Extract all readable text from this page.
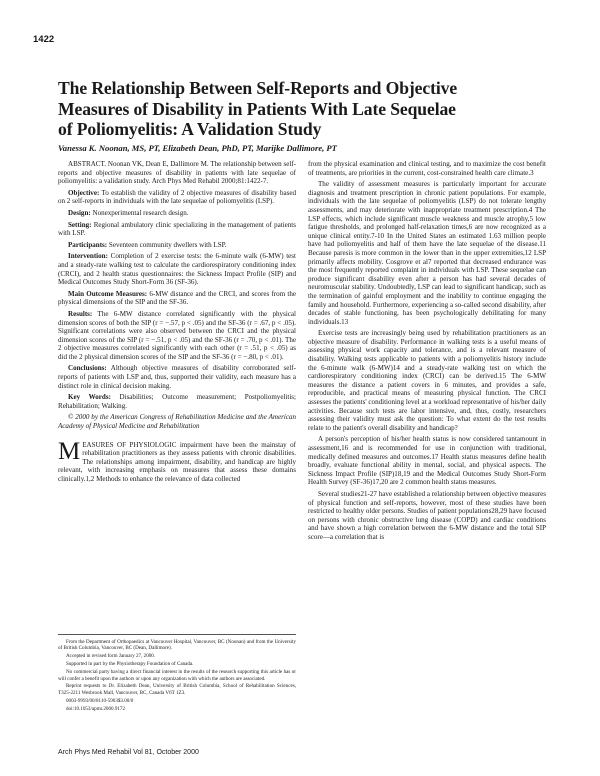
1422
The Relationship Between Self-Reports and Objective
Measures of Disability in Patients With Late Sequelae
of Poliomyelitis: A Validation Study
Vanessa K. Noonan, MS, PT, Elizabeth Dean, PhD, PT, Marijke Dallimore, PT

ABSTRACT. Noonan VK, Dean E, Dallimore M. The relationship between self-reports and objective measures of disability in patients with late sequelae of poliomyelitis: a validation study. Arch Phys Med Rehabil 2000;81:1422-7.

Objective: To establish the validity of 2 objective measures of disability based on 2 self-reports in individuals with the late sequelae of poliomyelitis (LSP).

Design: Nonexperimental research design.

Setting: Regional ambulatory clinic specializing in the management of patients with LSP.

Participants: Seventeen community dwellers with LSP.

Intervention: Completion of 2 exercise tests: the 6-minute walk (6-MW) test and a steady-rate walking test to calculate the cardiorespiratory conditioning index (CRCI), and 2 health status questionnaires: the Sickness Impact Profile (SIP) and Medical Outcomes Study Short-Form 36 (SF-36).

Main Outcome Measures: 6-MW distance and the CRCI, and scores from the physical dimensions of the SIP and the SF-36.

Results: The 6-MW distance correlated significantly with the physical dimension scores of both the SIP (r = −.57, p < .05) and the SF-36 (r = .67, p < .05). Significant correlations were also observed between the CRCI and the physical dimension scores of the SIP (r = −.51, p < .05) and the SF-36 (r = .70, p < .01). The 2 objective measures correlated significantly with each other (r = .51, p < .05) as did the 2 physical dimension scores of the SIP and the SF-36 (r = −.80, p < .01).

Conclusions: Although objective measures of disability corroborated self-reports of patients with LSP and, thus, supported their validity, each measure has a distinct role in clinical decision making.

Key Words: Disabilities; Outcome measurement; Postpoliomyelitis; Rehabilitation; Walking.

© 2000 by the American Congress of Rehabilitation Medicine and the American Academy of Physical Medicine and Rehabilitation

MEASURES OF PHYSIOLOGIC impairment have been the mainstay of rehabilitation practitioners as they assess patients with chronic disabilities. The relationships among impairment, disability, and handicap are highly relevant, with increasing emphasis on measures that assess these domains clinically.1,2 Methods to enhance the relevance of data collected

From the Department of Orthopaedics at Vancouver Hospital, Vancouver, BC (Noonan) and from the University of British Columbia, Vancouver, BC (Dean, Dallimore).

Accepted in revised form January 27, 2000.

Supported in part by the Physiotherapy Foundation of Canada.

No commercial party having a direct financial interest in the results of the research supporting this article has or will confer a benefit upon the authors or upon any organization with which the authors are associated.

Reprint requests to Dr. Elizabeth Dean, University of British Columbia, School of Rehabilitation Sciences, T325-2211 Wesbrook Mall, Vancouver, BC, Canada V6T 1Z3.

0003-9993/00/8110-5903$3.00/0

doi:10.1053/apmr.2000.9172

from the physical examination and clinical testing, and to maximize the cost benefit of treatments, are priorities in the current, cost-constrained health care climate.3

The validity of assessment measures is particularly important for accurate diagnosis and treatment prescription in chronic patient populations. For example, individuals with the late sequelae of poliomyelitis (LSP) do not tolerate lengthy assessments, and may deteriorate with inappropriate treatment prescription.4 The LSP effects, which include significant muscle weakness and muscle atrophy,5 low fatigue thresholds, and prolonged half-relaxation times,6 are now recognized as a unique clinical entity.7-10 In the United States an estimated 1.63 million people have had poliomyelitis and half of them have the late sequelae of the disease.11 Because paresis is more common in the lower than in the upper extremities,12 LSP primarily affects mobility. Cosgrove et al7 reported that decreased endurance was the most frequently reported complaint in individuals with LSP. These sequelae can produce significant disability even after a person has had several decades of neuromuscular stability. Undoubtedly, LSP can lead to significant handicap, such as the termination of gainful employment and the inability to continue engaging the family and household. Furthermore, experiencing a so-called second disability, after decades of stable functioning, has been psychologically debilitating for many individuals.13

Exercise tests are increasingly being used by rehabilitation practitioners as an objective measure of disability. Performance in walking tests is a useful means of assessing physical work capacity and tolerance, and is a relevant measure of disability. Walking tests applicable to patients with a poliomyelitis history include the 6-minute walk (6-MW)14 and a steady-rate walking test on which the cardiorespiratory conditioning index (CRCI) can be derived.15 The 6-MW measures the distance a patient covers in 6 minutes, and provides a safe, reproducible, and practical means of measuring physical function. The CRCI assesses the patients' conditioning level at a workload representative of his/her daily activities. Because such tests are labor intensive, and, thus, costly, researchers assessing their validity must ask the question: To what extent do the test results relate to the patient's overall disability and handicap?

A person's perception of his/her health status is now considered tantamount in assessment,16 and is recommended for use in conjunction with traditional, medically defined measures and outcomes.17 Health status measures define health broadly, evaluate functional ability in mental, social, and physical aspects. The Sickness Impact Profile (SIP)18,19 and the Medical Outcomes Study Short-Form Health Survey (SF-36)17,20 are 2 common health status measures.

Several studies21-27 have established a relationship between objective measures of physical function and self-reports, however, most of these studies have been restricted to healthy older persons. Studies of patient populations28,29 have focused on persons with chronic obstructive lung disease (COPD) and cardiac conditions and have shown a high correlation between the 6-MW distance and the total SIP score—a correlation that is

Arch Phys Med Rehabil Vol 81, October 2000
